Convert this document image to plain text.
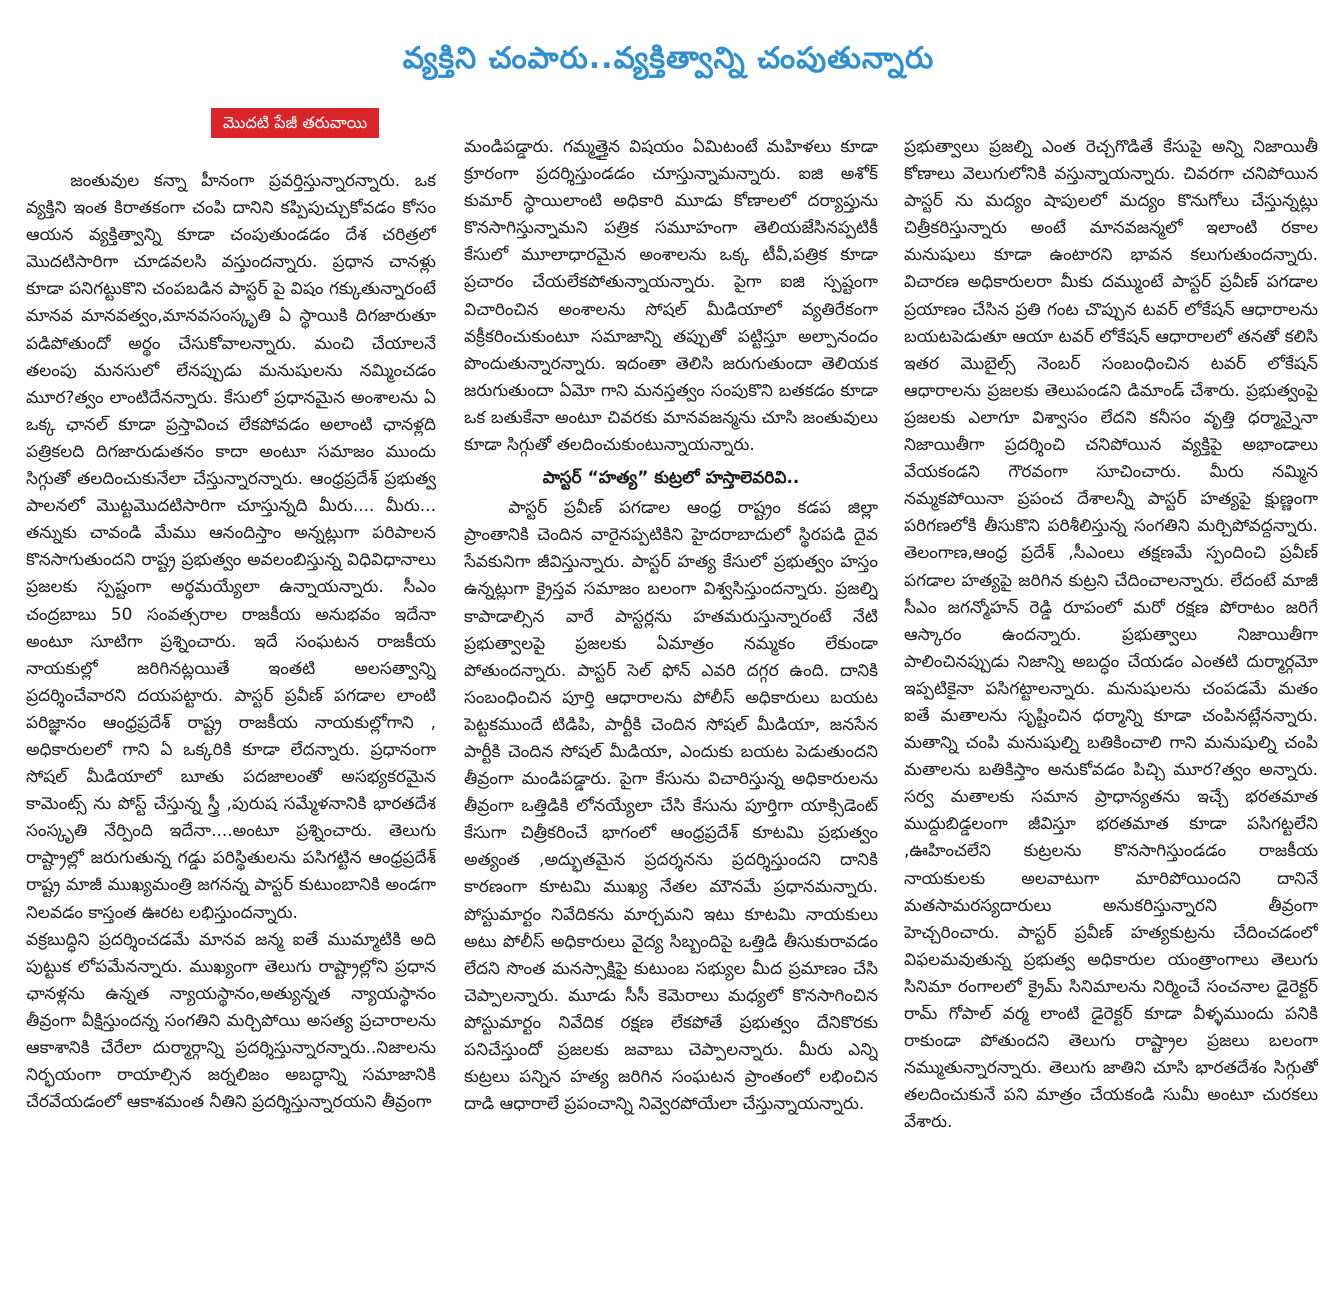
వ్యక్తిని చంపారు..వ్యక్తిత్వాన్ని చంపుతున్నారు
మొదటి పేజీ తరువాయి

జంతువుల కన్నా హీనంగా ప్రవర్తిస్తున్నారన్నారు. ఒక వ్యక్తిని ఇంత కిరాతకంగా చంపి దానిని కప్పిపుచ్చుకోవడం కోసం ఆయన వ్యక్తిత్వాన్ని కూడా చంపుతుండడం దేశ చరిత్రలో మొదటిసారిగా చూడవలసి వస్తుందన్నారు. ప్రధాన చానళ్లు కూడా పనిగట్టుకొని చంపబడిన పాస్టర్ పై విషం గక్కుతున్నారంటే మానవ మానవత్వం,మానవసంస్కృతి ఏ స్థాయికి దిగజారుతూ పడిపోతుందో అర్థం చేసుకోవాలన్నారు. మంచి చేయాలనే తలంపు మనసులో లేనప్పుడు మనుషులను నమ్మించడం మూర?త్వం లాంటిదేనన్నారు. కేసులో ప్రధానమైన అంశాలను ఏ ఒక్క ఛానల్ కూడా ప్రస్తావించ లేకపోవడం అలాంటి ఛానళ్లది పత్రికలది దిగజారుడుతనం కాదా అంటూ సమాజం ముందు సిగ్గుతో తలదించుకునేలా చేస్తున్నారన్నారు. ఆంధ్రప్రదేశ్ ప్రభుత్వ పాలనలో మొట్టమొదటిసారిగా చూస్తున్నది మీరు.... మీరు... తన్నుకు చావండి మేము ఆనందిస్తాం అన్నట్లుగా పరిపాలన కొనసాగుతుందని రాష్ట్ర ప్రభుత్వం అవలంబిస్తున్న విధివిధానాలు ప్రజలకు స్పష్టంగా అర్థమయ్యేలా ఉన్నాయన్నారు. సీఎం చంద్రబాబు 50 సంవత్సరాల రాజకీయ అనుభవం ఇదేనా అంటూ సూటిగా ప్రశ్నించారు. ఇదే సంఘటన రాజకీయ నాయకుల్లో జరిగినట్లయితే ఇంతటి అలసత్వాన్ని ప్రదర్శించేవారని దయపట్టారు. పాస్టర్ ప్రవీణ్ పగడాల లాంటి పరిజ్ఞానం ఆంధ్రప్రదేశ్ రాష్ట్ర రాజకీయ నాయకుల్లోగాని , అధికారులలో గాని ఏ ఒక్కరికి కూడా లేదన్నారు. ప్రధానంగా సోషల్ మీడియాలో బూతు పదజాలంతో అసభ్యకరమైన కామెంట్స్ ను పోస్ట్ చేస్తున్న స్త్రీ ,పురుష సమ్మేళనానికి భారతదేశ సంస్కృతి నేర్పింది ఇదేనా....అంటూ ప్రశ్నించారు. తెలుగు రాష్ట్రాల్లో జరుగుతున్న గడ్డు పరిస్థితులను పసిగట్టిన ఆంధ్రప్రదేశ్ రాష్ట్ర మాజీ ముఖ్యమంత్రి జగనన్న పాస్టర్ కుటుంబానికి అండగా నిలవడం కాస్తంత ఊరట లభిస్తుందన్నారు.

వక్రబుద్ధిని ప్రదర్శించడమే మానవ జన్మ ఐతే ముమ్మాటికి అది పుట్టుక లోపమేనన్నారు. ముఖ్యంగా తెలుగు రాష్ట్రాల్లోని ప్రధాన ఛానళ్లను ఉన్నత న్యాయస్థానం,అత్యున్నత న్యాయస్థానం తీవ్రంగా వీక్షిస్తుందన్న సంగతిని మర్చిపోయి అసత్య ప్రచారాలను ఆకాశానికి చేరేలా దుర్మార్గాన్ని ప్రదర్శిస్తున్నారన్నారు..నిజాలను నిర్భయంగా రాయాల్సిన జర్నలిజం అబద్ధాన్ని సమాజానికి చేరవేయడంలో ఆకాశమంత నీతిని ప్రదర్శిస్తున్నారయని తీవ్రంగా

మండిపడ్డారు. గమ్మత్తైన విషయం ఏమిటంటే మహిళలు కూడా క్రూరంగా ప్రదర్శిస్తుండడం చూస్తున్నామన్నారు. ఐజి అశోక్ కుమార్ స్థాయిలాంటి అధికారి మూడు కోణాలలో దర్యాప్తును కొనసాగిస్తున్నామని పత్రిక సమూహంగా తెలియజేసినప్పటికీ కేసులో మూలాధారమైన అంశాలను ఒక్క టీవీ,పత్రిక కూడా ప్రచారం చేయలేకపోతున్నాయన్నారు. పైగా ఐజి స్పష్టంగా విచారించిన అంశాలను సోషల్ మీడియాలో వ్యతిరేకంగా వక్రీకరించుకుంటూ సమాజాన్ని తప్పుతో పట్టిస్తూ అల్పానందం పొందుతున్నారన్నారు. ఇదంతా తెలిసి జరుగుతుందా తెలియక జరుగుతుందా ఏమో గాని మనస్తత్వం సంపుకొని బతకడం కూడా ఒక బతుకేనా అంటూ చివరకు మానవజన్మను చూసి జంతువులు కూడా సిగ్గుతో తలదించుకుంటున్నాయన్నారు.

పాస్టర్ “హత్య” కుట్రలో హస్తాలెవరివి..

పాస్టర్ ప్రవీణ్ పగడాల ఆంధ్ర రాష్ట్రం కడప జిల్లా ప్రాంతానికి చెందిన వారైనప్పటికిని హైదరాబాదులో స్థిరపడి దైవ సేవకునిగా జీవిస్తున్నారు. పాస్టర్ హత్య కేసులో ప్రభుత్వం హస్తం ఉన్నట్లుగా క్రైస్తవ సమాజం బలంగా విశ్వసిస్తుందన్నారు. ప్రజల్ని కాపాడాల్సిన వారే పాస్టర్లను హతమరుస్తున్నారంటే నేటి ప్రభుత్వాలపై ప్రజలకు ఏమాత్రం నమ్మకం లేకుండా పోతుందన్నారు. పాస్టర్ సెల్ ఫోన్ ఎవరి దగ్గర ఉంది. దానికి సంబంధించిన పూర్తి ఆధారాలను పోలీస్ అధికారులు బయట పెట్టకముందే టిడిపి, పార్టీకి చెందిన సోషల్ మీడియా, జనసేన పార్టీకి చెందిన సోషల్ మీడియా, ఎందుకు బయట పెడుతుందని తీవ్రంగా మండిపడ్డారు. పైగా కేసును విచారిస్తున్న అధికారులను తీవ్రంగా ఒత్తిడికి లోనయ్యేలా చేసి కేసును పూర్తిగా యాక్సిడెంట్ కేసుగా చిత్రీకరించే భాగంలో ఆంధ్రప్రదేశ్ కూటమి ప్రభుత్వం అత్యంత ,అద్భుతమైన ప్రదర్శనను ప్రదర్శిస్తుందని దానికి కారణంగా కూటమి ముఖ్య నేతల మౌనమే ప్రధానమన్నారు. పోస్టుమార్టం నివేదికను మార్చమని ఇటు కూటమి నాయకులు అటు పోలీస్ అధికారులు వైద్య సిబ్బందిపై ఒత్తిడి తీసుకురావడం లేదని సొంత మనస్సాక్షిపై కుటుంబ సభ్యుల మీద ప్రమాణం చేసి చెప్పాలన్నారు. మూడు సీసీ కెమెరాలు మధ్యలో కొనసాగించిన పోస్టుమార్టం నివేదిక రక్షణ లేకపోతే ప్రభుత్వం దేనికొరకు పనిచేస్తుందో ప్రజలకు జవాబు చెప్పాలన్నారు. మీరు ఎన్ని కుట్రలు పన్నిన హత్య జరిగిన సంఘటన ప్రాంతంలో లభించిన దాడి ఆధారాలే ప్రపంచాన్ని నివ్వెరపోయేలా చేస్తున్నాయన్నారు.

ప్రభుత్వాలు ప్రజల్ని ఎంత రెచ్చగొడితే కేసుపై అన్ని నిజాయితీ కోణాలు వెలుగులోనికి వస్తున్నాయన్నారు. చివరగా చనిపోయిన పాస్టర్ ను మద్యం షాపులలో మద్యం కొనుగోలు చేస్తున్నట్లు చిత్రీకరిస్తున్నారు అంటే మానవజన్మలో ఇలాంటి రకాల మనుషులు కూడా ఉంటారని భావన కలుగుతుందన్నారు. విచారణ అధికారులరా మీకు దమ్ముంటే పాస్టర్ ప్రవీణ్ పగడాల ప్రయాణం చేసిన ప్రతి గంట చొప్పున టవర్ లోకేషన్ ఆధారాలను బయటపెడుతూ ఆయా టవర్ లోకేషన్ ఆధారాలలో తనతో కలిసి ఇతర మొబైల్స్ నెంబర్ సంబంధించిన టవర్ లోకేషన్ ఆధారాలను ప్రజలకు తెలుపండని డిమాండ్ చేశారు. ప్రభుత్వంపై ప్రజలకు ఎలాగూ విశ్వాసం లేదని కనీసం వృత్తి ధర్మాన్నైనా నిజాయితీగా ప్రదర్శించి చనిపోయిన వ్యక్తిపై అభాండాలు వేయకండని గౌరవంగా సూచించారు. మీరు నమ్మిన నమ్మకపోయినా ప్రపంచ దేశాలన్నీ పాస్టర్ హత్యపై క్షుణ్ణంగా పరిగణలోకి తీసుకొని పరిశీలిస్తున్న సంగతిని మర్చిపోవద్దన్నారు. తెలంగాణ,ఆంధ్ర ప్రదేశ్ ,సీఎంలు తక్షణమే స్పందించి ప్రవీణ్ పగడాల హత్యపై జరిగిన కుట్రని చేదించాలన్నారు. లేదంటే మాజీ సీఎం జగన్మోహన్ రెడ్డి రూపంలో మరో రక్షణ పోరాటం జరిగే ఆస్కారం ఉందన్నారు. ప్రభుత్వాలు నిజాయితీగా పాలించినప్పుడు నిజాన్ని అబద్ధం చేయడం ఎంతటి దుర్మార్గమో ఇప్పటికైనా పసిగట్టాలన్నారు. మనుషులను చంపడమే మతం ఐతే మతాలను సృష్టించిన ధర్మాన్ని కూడా చంపినట్లేనన్నారు. మతాన్ని చంపి మనుషుల్ని బతికించాలి గాని మనుషుల్ని చంపి మతాలను బతికిస్తాం అనుకోవడం పిచ్చి మూర?త్వం అన్నారు. సర్వ మతాలకు సమాన ప్రాధాన్యతను ఇచ్చే భరతమాత ముద్దుబిడ్డలంగా జీవిస్తూ భరతమాత కూడా పసిగట్టలేని ,ఊహించలేని కుట్రలను కొనసాగిస్తుండడం రాజకీయ నాయకులకు అలవాటుగా మారిపోయిందని దానినే మతసామరస్యదారులు అనుకరిస్తున్నారని తీవ్రంగా హెచ్చరించారు. పాస్టర్ ప్రవీణ్ హత్యకుట్రను చేదించడంలో విఫలమవుతున్న ప్రభుత్వ అధికారుల యంత్రాంగాలు తెలుగు సినిమా రంగాలలో క్రైమ్ సినిమాలను నిర్మించే సంచనాల డైరెక్టర్ రామ్ గోపాల్ వర్మ లాంటి డైరెక్టర్ కూడా వీళ్ళముందు పనికి రాకుండా పోతుందని తెలుగు రాష్ట్రాల ప్రజలు బలంగా నమ్ముతున్నారన్నారు. తెలుగు జాతిని చూసి భారతదేశం సిగ్గుతో తలదించుకునే పని మాత్రం చేయకండి సుమీ అంటూ చురకలు వేశారు.
